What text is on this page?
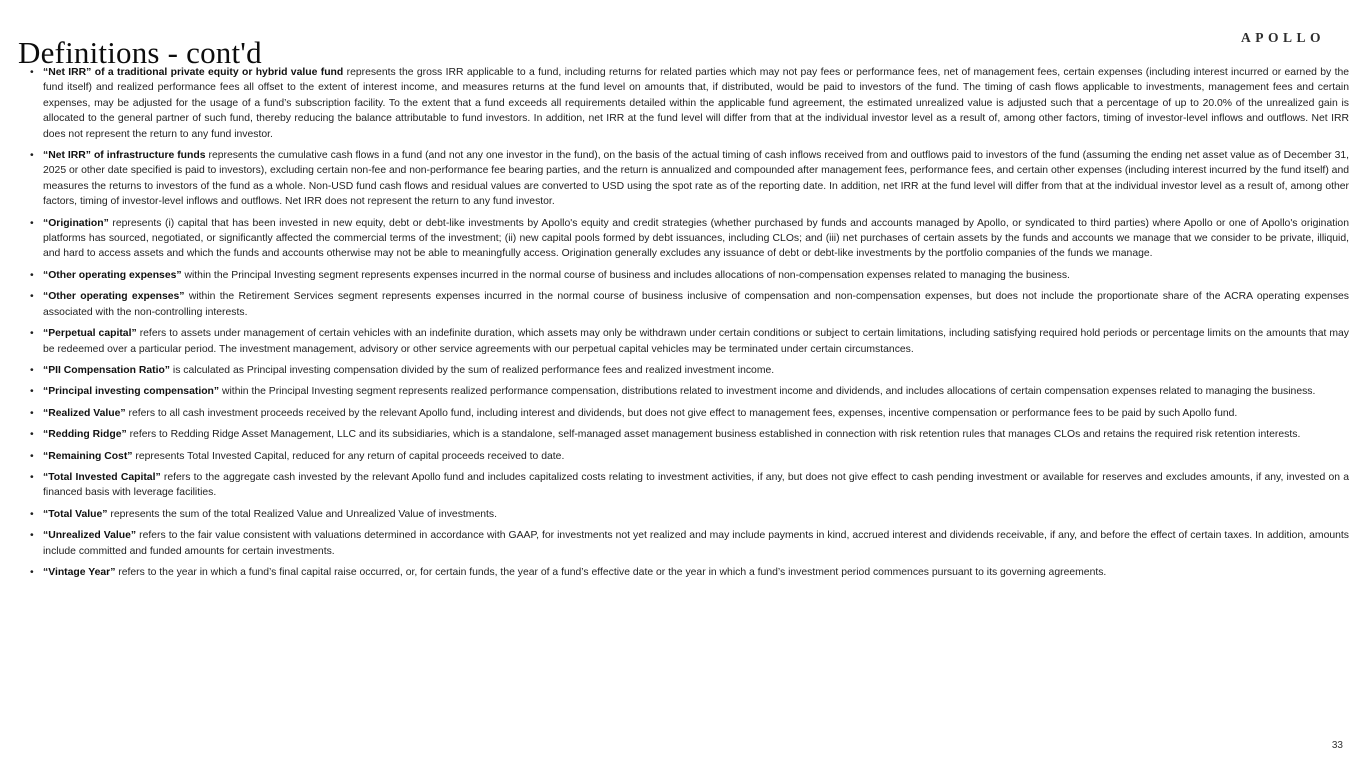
Definitions - cont'd	APOLLO
• “Net IRR” of a traditional private equity or hybrid value fund represents the gross IRR applicable to a fund, including returns for related parties which may not pay fees or performance fees, net of management fees, certain expenses (including interest incurred or earned by the fund itself) and realized performance fees all offset to the extent of interest income, and measures returns at the fund level on amounts that, if distributed, would be paid to investors of the fund. The timing of cash flows applicable to investments, management fees and certain expenses, may be adjusted for the usage of a fund’s subscription facility. To the extent that a fund exceeds all requirements detailed within the applicable fund agreement, the estimated unrealized value is adjusted such that a percentage of up to 20.0% of the unrealized gain is allocated to the general partner of such fund, thereby reducing the balance attributable to fund investors. In addition, net IRR at the fund level will differ from that at the individual investor level as a result of, among other factors, timing of investor-level inflows and outflows. Net IRR does not represent the return to any fund investor.
• “Net IRR” of infrastructure funds represents the cumulative cash flows in a fund (and not any one investor in the fund), on the basis of the actual timing of cash inflows received from and outflows paid to investors of the fund (assuming the ending net asset value as of December 31, 2025 or other date specified is paid to investors), excluding certain non-fee and non-performance fee bearing parties, and the return is annualized and compounded after management fees, performance fees, and certain other expenses (including interest incurred by the fund itself) and measures the returns to investors of the fund as a whole. Non-USD fund cash flows and residual values are converted to USD using the spot rate as of the reporting date. In addition, net IRR at the fund level will differ from that at the individual investor level as a result of, among other factors, timing of investor-level inflows and outflows. Net IRR does not represent the return to any fund investor.
• “Origination” represents (i) capital that has been invested in new equity, debt or debt-like investments by Apollo's equity and credit strategies (whether purchased by funds and accounts managed by Apollo, or syndicated to third parties) where Apollo or one of Apollo's origination platforms has sourced, negotiated, or significantly affected the commercial terms of the investment; (ii) new capital pools formed by debt issuances, including CLOs; and (iii) net purchases of certain assets by the funds and accounts we manage that we consider to be private, illiquid, and hard to access assets and which the funds and accounts otherwise may not be able to meaningfully access. Origination generally excludes any issuance of debt or debt-like investments by the portfolio companies of the funds we manage.
• “Other operating expenses” within the Principal Investing segment represents expenses incurred in the normal course of business and includes allocations of non-compensation expenses related to managing the business.
• “Other operating expenses” within the Retirement Services segment represents expenses incurred in the normal course of business inclusive of compensation and non-compensation expenses, but does not include the proportionate share of the ACRA operating expenses associated with the non-controlling interests.
• “Perpetual capital” refers to assets under management of certain vehicles with an indefinite duration, which assets may only be withdrawn under certain conditions or subject to certain limitations, including satisfying required hold periods or percentage limits on the amounts that may be redeemed over a particular period. The investment management, advisory or other service agreements with our perpetual capital vehicles may be terminated under certain circumstances.
• “PII Compensation Ratio” is calculated as Principal investing compensation divided by the sum of realized performance fees and realized investment income.
• “Principal investing compensation” within the Principal Investing segment represents realized performance compensation, distributions related to investment income and dividends, and includes allocations of certain compensation expenses related to managing the business.
• “Realized Value” refers to all cash investment proceeds received by the relevant Apollo fund, including interest and dividends, but does not give effect to management fees, expenses, incentive compensation or performance fees to be paid by such Apollo fund.
• “Redding Ridge” refers to Redding Ridge Asset Management, LLC and its subsidiaries, which is a standalone, self-managed asset management business established in connection with risk retention rules that manages CLOs and retains the required risk retention interests.
• “Remaining Cost” represents Total Invested Capital, reduced for any return of capital proceeds received to date.
• “Total Invested Capital” refers to the aggregate cash invested by the relevant Apollo fund and includes capitalized costs relating to investment activities, if any, but does not give effect to cash pending investment or available for reserves and excludes amounts, if any, invested on a financed basis with leverage facilities.
• “Total Value” represents the sum of the total Realized Value and Unrealized Value of investments.
• “Unrealized Value” refers to the fair value consistent with valuations determined in accordance with GAAP, for investments not yet realized and may include payments in kind, accrued interest and dividends receivable, if any, and before the effect of certain taxes. In addition, amounts include committed and funded amounts for certain investments.
• “Vintage Year” refers to the year in which a fund’s final capital raise occurred, or, for certain funds, the year of a fund’s effective date or the year in which a fund’s investment period commences pursuant to its governing agreements.
33
